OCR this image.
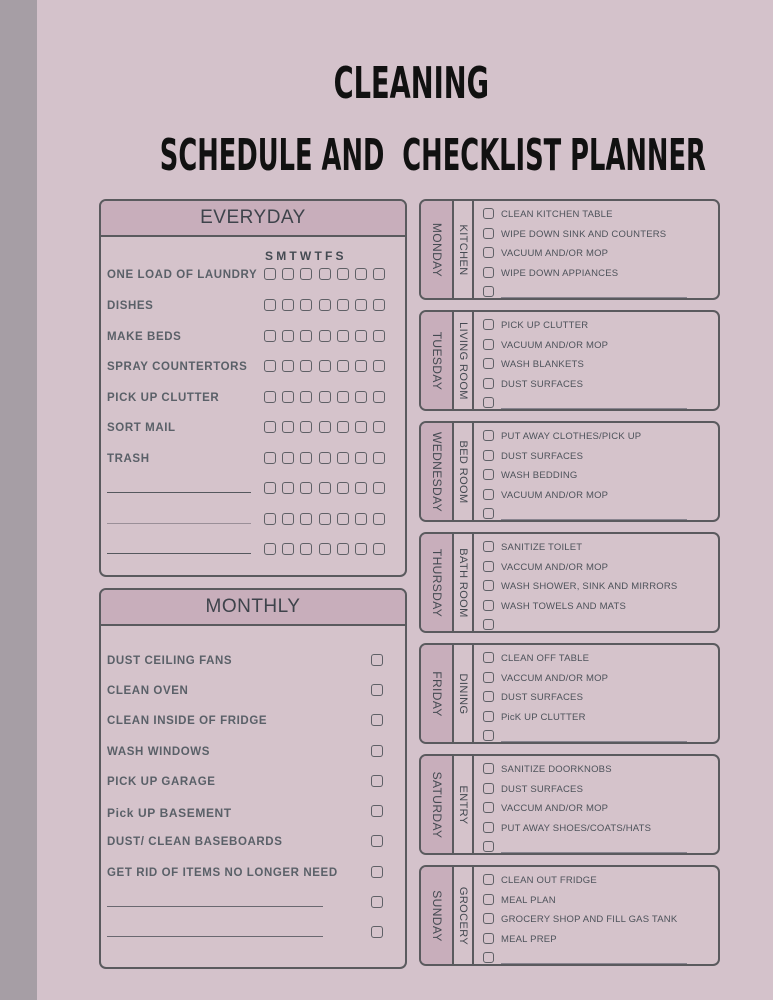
CLEANING
SCHEDULE AND  CHECKLIST PLANNER
EVERYDAY
SMTWTFS
ONE LOAD OF LAUNDRY
DISHES
MAKE BEDS
SPRAY COUNTERTORS
PICK UP CLUTTER
SORT MAIL
TRASH
MONTHLY
DUST CEILING FANS
CLEAN OVEN
CLEAN INSIDE OF FRIDGE
WASH WINDOWS
PICK UP GARAGE
Pick UP BASEMENT
DUST/ CLEAN BASEBOARDS
GET RID OF ITEMS NO LONGER NEED
MONDAY KITCHEN
CLEAN KITCHEN TABLE
WIPE DOWN SINK AND COUNTERS
VACUUM AND/OR MOP
WIPE DOWN APPIANCES
TUESDAY LIVING ROOM	PICK UP CLUTTER
VACUUM AND/OR MOP
WASH BLANKETS
DUST SURFACES
WEDNESDAY BED ROOM
PUT AWAY CLOTHES/PICK UP
DUST SURFACES
WASH BEDDING
VACUUM AND/OR MOP
THURSDAY BATH ROOM
SANITIZE TOILET
VACCUM AND/OR MOP
WASH SHOWER, SINK AND MIRRORS
WASH TOWELS AND MATS
FRIDAY DINING
CLEAN OFF TABLE
VACCUM AND/OR MOP
DUST SURFACES
PicK UP CLUTTER
SATURDAY ENTRY
SANITIZE DOORKNOBS
DUST SURFACES
VACCUM AND/OR MOP
PUT AWAY SHOES/COATS/HATS
SUNDAY GROCERY
CLEAN OUT FRIDGE
MEAL PLAN
GROCERY SHOP AND FILL GAS TANK
MEAL PREP
